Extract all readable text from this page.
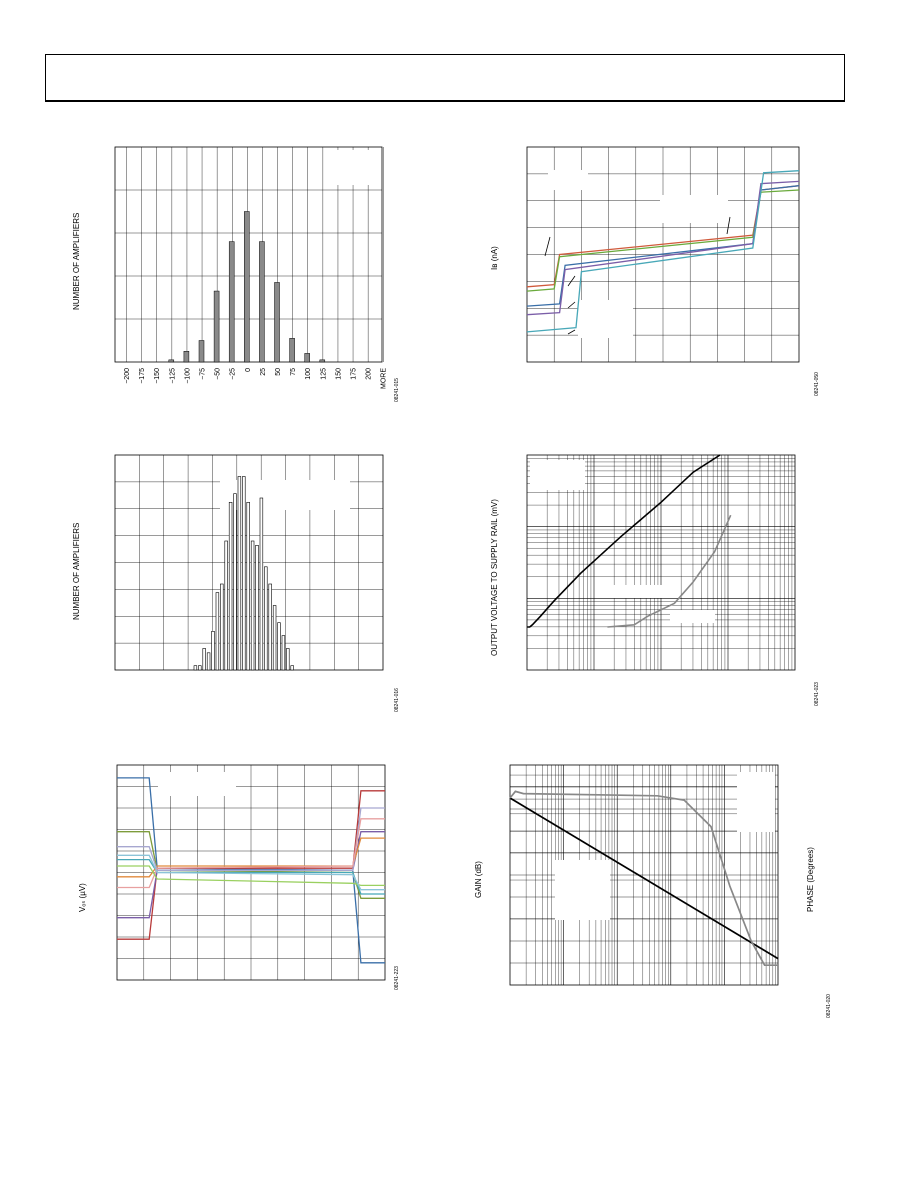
−200 −175 −150 −125 −100 −75 −50 −25 0 25 50 75 100 125 150 175 200 MORE
NUMBER OF AMPLIFIERS
08241-015
NUMBER OF AMPLIFIERS
08241-016
Vₒₛ (µV)
08241-223
Iʙ (nA)
08241-050
OUTPUT VOLTAGE TO SUPPLY RAIL (mV)
08241-023
GAIN (dB)	PHASE (Degrees)
08241-020
